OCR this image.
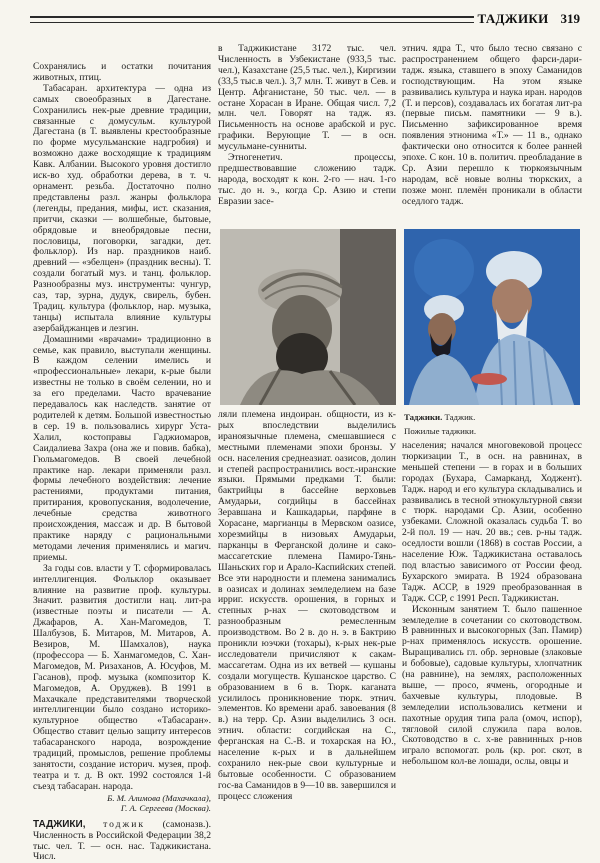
ТАДЖИКИ 319

Сохранялись и остатки почитания животных, птиц.

Табасаран. архитектура — одна из самых своеобразных в Дагестане. Сохранились нек-рые древние традиции, связанные с домусульм. культурой Дагестана (в Т. выявлены крестообразные по форме мусульманские надгробия) и возможно даже восходящие к традициям Кавк. Албании. Высокого уровня достигло иск-во худ. обработки дерева, в т. ч. орнамент. резьба. Достаточно полно представлены разл. жанры фольклора (легенды, предания, мифы, ист. сказания, притчи, сказки — волшебные, бытовые, обрядовые и внеобрядовые песни, пословицы, поговорки, загадки, дет. фольклор). Из нар. праздников наиб. древний — «эбелцен» (праздник весны). Т. создали богатый муз. и танц. фольклор. Разнообразны муз. инструменты: чунгур, саз, тар, зурна, дудук, свирель, бубен. Традиц. культура (фольклор, нар. музыка, танцы) испытала влияние культуры азербайджанцев и лезгин.

Домашними «врачами» традиционно в семье, как правило, выступали женщины. В каждом селении имелись и «профессиональные» лекари, к-рые были известны не только в своём селении, но и за его пределами. Часто врачевание передавалось как наследств. занятие от родителей к детям. Большой известностью в сер. 19 в. пользовались хирург Уста-Халил, костоправы Гаджиомаров, Саидалиева Захра (она же и повив. бабка), Гюльмагомедов. В своей лечебной практике нар. лекари применяли разл. формы лечебного воздействия: лечение растениями, продуктами питания, притирания, кровопускания, водолечение, лечебные средства животного происхождения, массаж и др. В бытовой практике наряду с рациональными методами лечения применялись и магич. приемы.

За годы сов. власти у Т. сформировалась интеллигенция. Фольклор оказывает влияние на развитие проф. культуры. Значит. развития достигли нац. лит-ра (известные поэты и писатели — А. Джафаров, А. Хан-Магомедов, Т. Шалбузов, Б. Митаров, М. Митаров, А. Везиров, М. Шамхалов), наука (профессора — Б. Ханмагомедов, С. Хан-Магомедов, М. Ризаханов, А. Юсуфов, М. Гасанов), проф. музыка (композитор К. Магомедов, А. Оруджев). В 1991 в Махачкале представителями творческой интеллигенции было создано историко-культурное общество «Табасаран». Общество ставит целью защиту интересов табасаранского народа, возрождение традиций, промыслов, решение проблемы занятости, создание историч. музея, проф. театра и т. д. В окт. 1992 состоялся 1-й съезд табасаран. народа.

Б. М. Алимова (Махачкала),
Г. А. Сергеева (Москва).

ТАДЖИКИ, тоджик (самоназв.). Численность в Российской Федерации 38,2 тыс. чел. Т. — осн. нас. Таджикистана. Числ.

в Таджикистане 3172 тыс. чел. Численность в Узбекистане (933,5 тыс. чел.), Казахстане (25,5 тыс. чел.), Киргизии (33,5 тыс.в чел.). 3,7 млн. Т. живут в Сев. и Центр. Афганистане, 50 тыс. чел. — в остане Хорасан в Иране. Общая числ. 7,2 млн. чел. Говорят на тадж. яз. Письменность на основе арабской и рус. графики. Верующие Т. — в осн. мусульмане-сунниты.

Этногенетич. процессы, предшествовавшие сложению тадж. народа, восходят к кон. 2-го — нач. 1-го тыс. до н. э., когда Ср. Азию и степи Евразии засе-

этнич. ядра Т., что было тесно связано с распространением общего фарси-дари-тадж. языка, ставшего в эпоху Саманидов господствующим. На этом языке развивались культура и наука иран. народов (Т. и персов), создавалась их богатая лит-ра (первые письм. памятники — 9 в.). Письменно зафиксированное время появления этнонима «Т.» — 11 в., однако фактически оно относится к более ранней эпохе. С кон. 10 в. политич. преобладание в Ср. Азии перешло к тюркоязычным народам, всё новые волны тюркских, а позже монг. племён проникали в области оседлого тадж.

Таджики. Таджик.
Пожилые таджики.

ляли племена индоиран. общности, из к-рых впоследствии выделились ираноязычные племена, смешавшиеся с местными племенами эпохи бронзы. У осн. населения среднеазиат. оазисов, долин и степей распространились вост.-иранские языки. Прямыми предками Т. были: бактрийцы в бассейне верховьев Амударьи, согдийцы в бассейнах Зеравшана и Кашкадарьи, парфяне в Хорасане, маргианцы в Мервском оазисе, хорезмийцы в низовьях Амударьи, парканцы в Ферганской долине и сако-массагетские племена Памиро-Тянь-Шаньских гор и Арало-Каспийских степей. Все эти народности и племена занимались в оазисах и долинах земледелием на базе ирриг. искусств. орошения, в горных и степных р-нах — скотоводством и разнообразным ремесленным производством. Во 2 в. до н. э. в Бактрию проникли юэчжи (тохары), к-рых нек-рые исследователи причисляют к сакам-массагетам. Одна из их ветвей — кушаны создали могуществ. Кушанское царство. С образованием в 6 в. Тюрк. каганата усилилось проникновение тюрк. этнич. элементов. Ко времени араб. завоевания (8 в.) на терр. Ср. Азии выделились 3 осн. этнич. области: согдийская на С., ферганская на С.-В. и тохарская на Ю., население к-рых и в дальнейшем сохранило нек-рые свои культурные и бытовые особенности. С образованием гос-ва Саманидов в 9—10 вв. завершился и процесс сложения

населения; начался многовековой процесс тюркизации Т., в осн. на равнинах, в меньшей степени — в горах и в больших городах (Бухара, Самарканд, Ходжент). Тадж. народ и его культура складывались и развивались в тесной этнокультурной связи с тюрк. народами Ср. Азии, особенно узбеками. Сложной оказалась судьба Т. во 2-й пол. 19 — нач. 20 вв.; сев. р-ны тадж. оседлости вошли (1868) в состав России, а население Юж. Таджикистана оставалось под властью зависимого от России феод. Бухарского эмирата. В 1924 образована Тадж. АССР, в 1929 преобразованная в Тадж. ССР, с 1991 Респ. Таджикистан.

Исконным занятием Т. было пашенное земледелие в сочетании со скотоводством. В равнинных и высокогорных (Зап. Памир) р-нах применялось искусств. орошение. Выращивались гл. обр. зерновые (злаковые и бобовые), садовые культуры, хлопчатник (на равнине), на землях, расположенных выше, — просо, ячмень, огородные и бахчевые культуры, плодовые. В земледелии использовались кетмени и пахотные орудия типа рала (омоч, испор), тягловой силой служила пара волов. Скотоводство в с. х-ве равнинных р-нов играло вспомогат. роль (кр. рог. скот, в небольшом кол-ве лошади, ослы, овцы и
